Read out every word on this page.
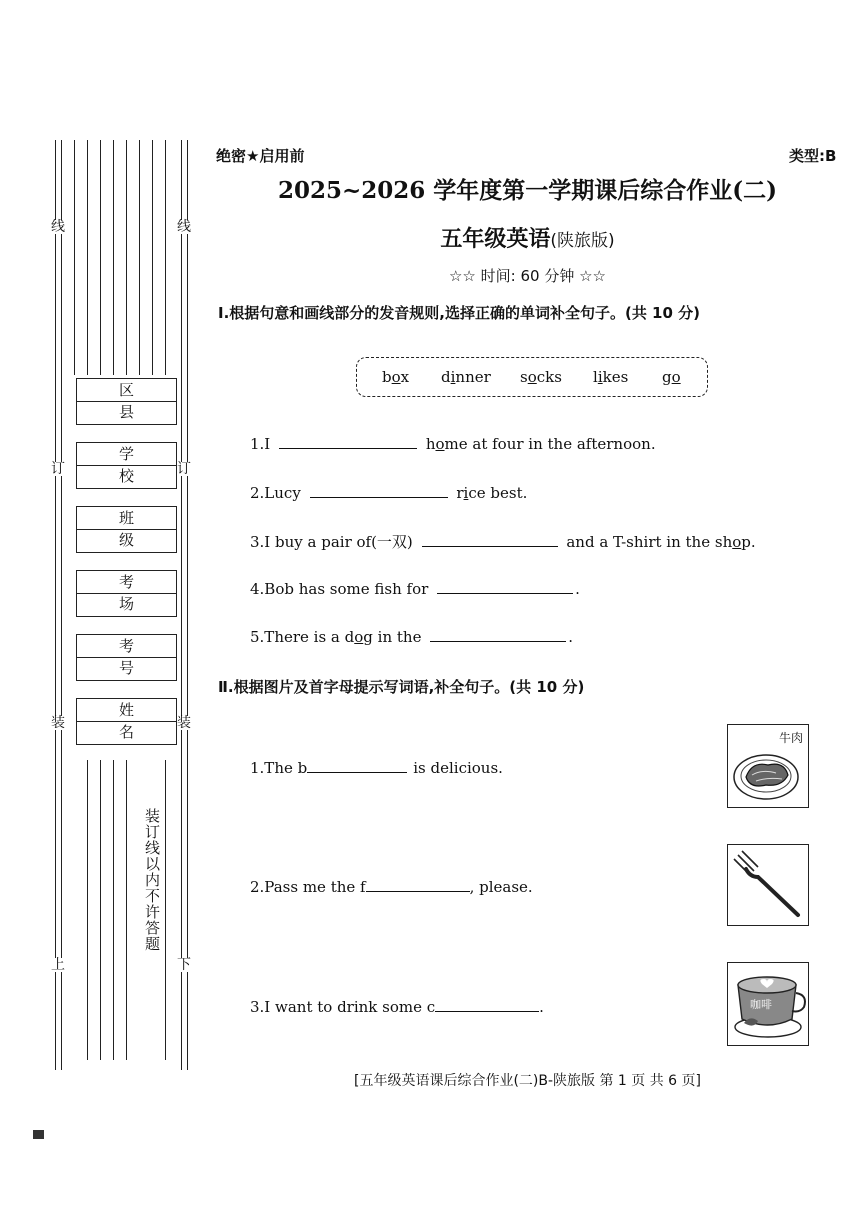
线
订
装
上
线
订
装
下
装订线以内不许答题
区县
学校
班级
考场
考号
姓名
绝密★启用前	类型:B
2025~2026 学年度第一学期课后综合作业(二)
五年级英语(陕旅版)
☆☆ 时间: 60 分钟 ☆☆
Ⅰ.根据句意和画线部分的发音规则,选择正确的单词补全句子。(共 10 分)
box dinner socks likes go
1.I	home at four in the afternoon.
2.Lucy	rice best.
3.I buy a pair of(一双)	and a T-shirt in the shop.
4.Bob has some fsh for	.
5.There is a dog in the	.
Ⅱ.根据图片及首字母提示写词语,补全句子。(共 10 分)
1.The b	is delicious.
2.Pass me the f	, please.
3.I want to drink some c	.
牛肉
咖啡
[五年级英语课后综合作业(二)B-陕旅版 第 1 页 共 6 页]
